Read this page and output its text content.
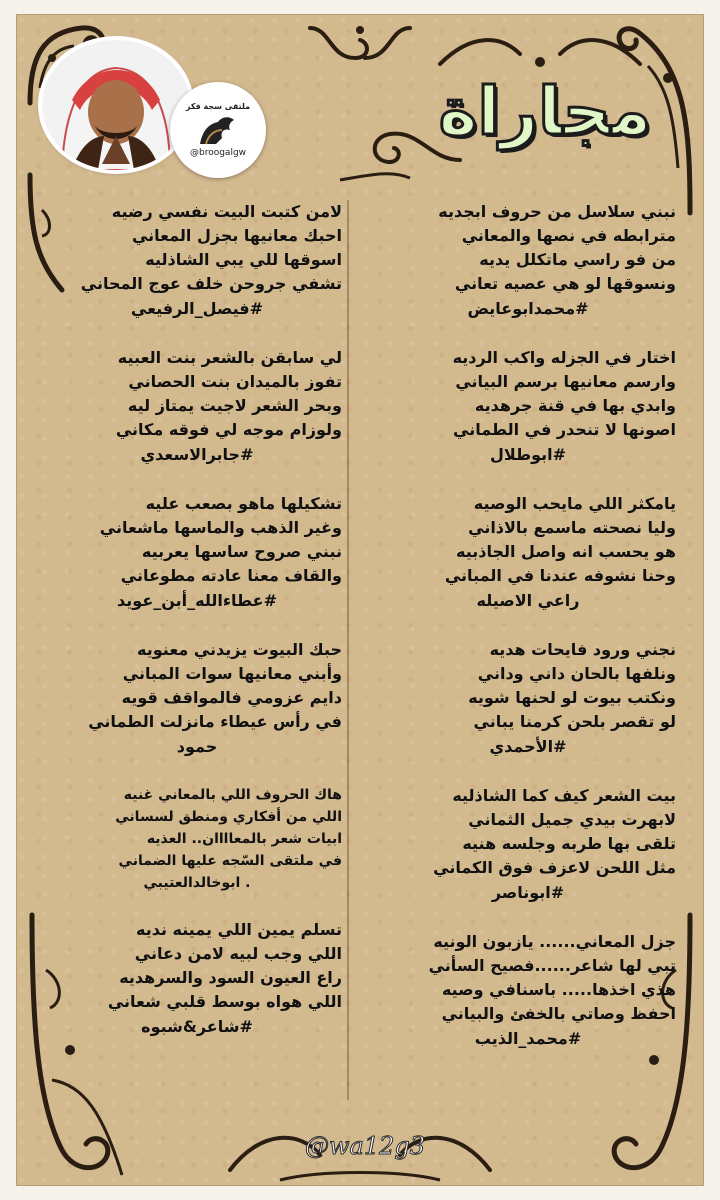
ملتقى سجة فكر
@broogalgw
مجاراة
نبني سلاسل من حروف ابجديه
مترابطه في نصها والمعاني
من فو راسي ماتكلل يديه
ونسوقها لو هي عصيه تعاني
#محمدابوعايض
اختار في الجزله واكب الرديه
وارسم معانيها برسم البياني
وابدي بها في قنة جرهديه
اصونها لا تنحدر في الطماني
#ابوطلال
يامكثر اللي مايحب الوصيه
وليا نصحته ماسمع بالاذاني
هو يحسب انه واصل الجاذبيه
وحنا نشوفه عندنا في المباني
راعي الاصيله
نجني ورود فايحات هديه
ونلفها بالحان داني وداني
ونكتب بيوت لو لحنها شويه
لو تقصر بلحن كرمنا يباني
#الأحمدي
بيت الشعر كيف كما الشاذليه
لابهرت بيدي جميل الثماني
تلقى بها طربه وجلسه هنيه
مثل اللحن لاعزف فوق الكماني
#ابوناصر
جزل المعاني...... يازبون الونيه
تبي لها شاعر......فصيح السأني
هذي اخذها..... باسنافي وصيه
احفظ وصاتي بالخفئ والبياني
#محمد_الذيب
لامن كتبت البيت نفسي رضيه
احبك معانيها بجزل المعاني
اسوقها للي يبي الشاذليه
تشفي جروحن خلف عوج المحاني
#فيصل_الرفيعي
لي سابقن بالشعر بنت العبيه
تفوز بالميدان بنت الحصاني
وبحر الشعر لاجيت يمتاز ليه
ولوزام موجه لي فوقه مكاني
#جابرالاسعدي
تشكيلها ماهو بصعب عليه
وغير الذهب والماسها ماشعاني
نبني صروح ساسها يعربيه
والقاف معنا عادته مطوعاني
#عطاءالله_أبن_عويد
حبك البيوت يزيدني معنويه
وأبني معانيها سوات المباني
دايم عزومي فالمواقف قويه
في رأس عيطاء مانزلت الطماني
حمود
هاك الحروف اللي بالمعاني غنيه
اللي من أفكاري ومنطق لسساني
ابيات شعر بالمعاااان.. العذيه
في ملتقى السّجه عليها الضماني
. ابوخالدالعتيبي
تسلم يمين اللي يمينه نديه
اللي وجب لبيه لامن دعاني
راع العيون السود والسرهديه
اللي هواه بوسط قلبي شعاني
#شاعر&شبوه
@wa12g3
